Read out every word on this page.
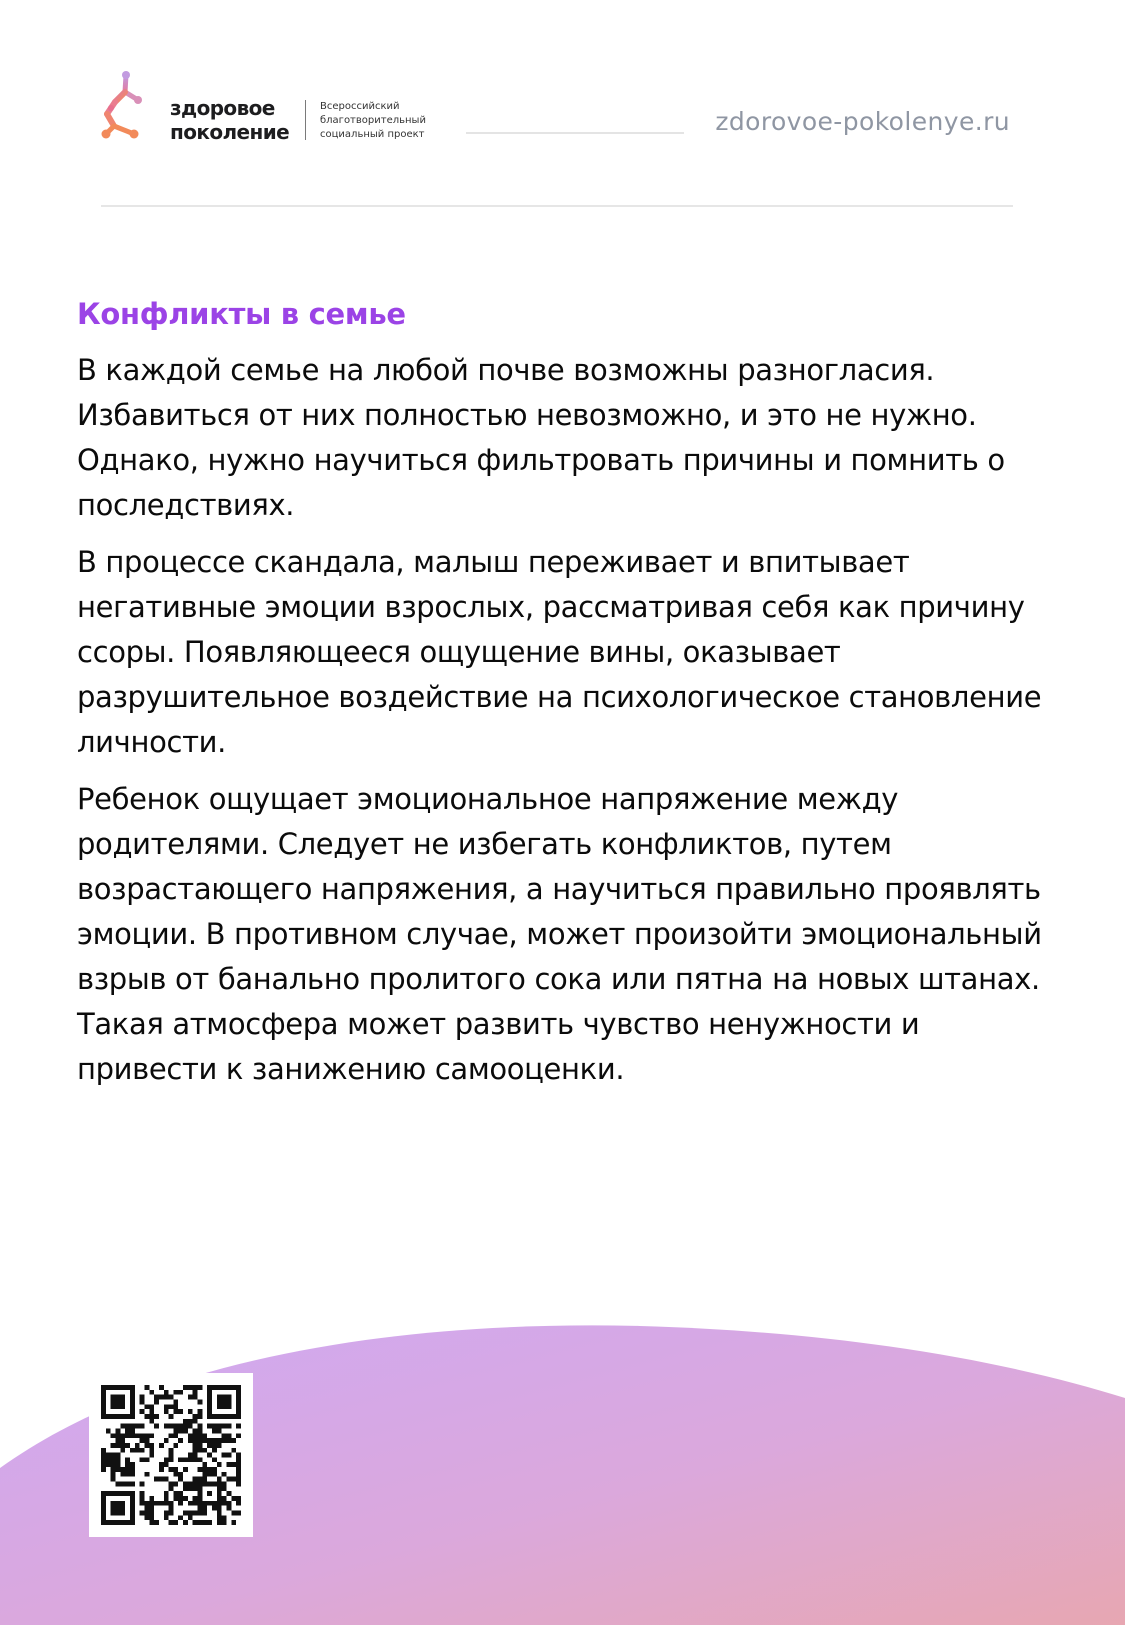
здоровое
поколение
Всероссийский
благотворительный
социальный проект	zdorovoe-pokolenye.ru
Конфликты в семье

В каждой семье на любой почве возможны разногласия. Избавиться от них полностью невозможно, и это не нужно. Однако, нужно научиться фильтровать причины и помнить о последствиях.

В процессе скандала, малыш переживает и впитывает негативные эмоции взрослых, рассматривая себя как причину ссоры. Появляющееся ощущение вины, оказывает разрушительное воздействие на психологическое становление личности.

Ребенок ощущает эмоциональное напряжение между родителями. Следует не избегать конфликтов, путем возрастающего напряжения, а научиться правильно проявлять эмоции. В противном случае, может произойти эмоциональный взрыв от банально пролитого сока или пятна на новых штанах. Такая атмосфера может развить чувство ненужности и привести к занижению самооценки.
